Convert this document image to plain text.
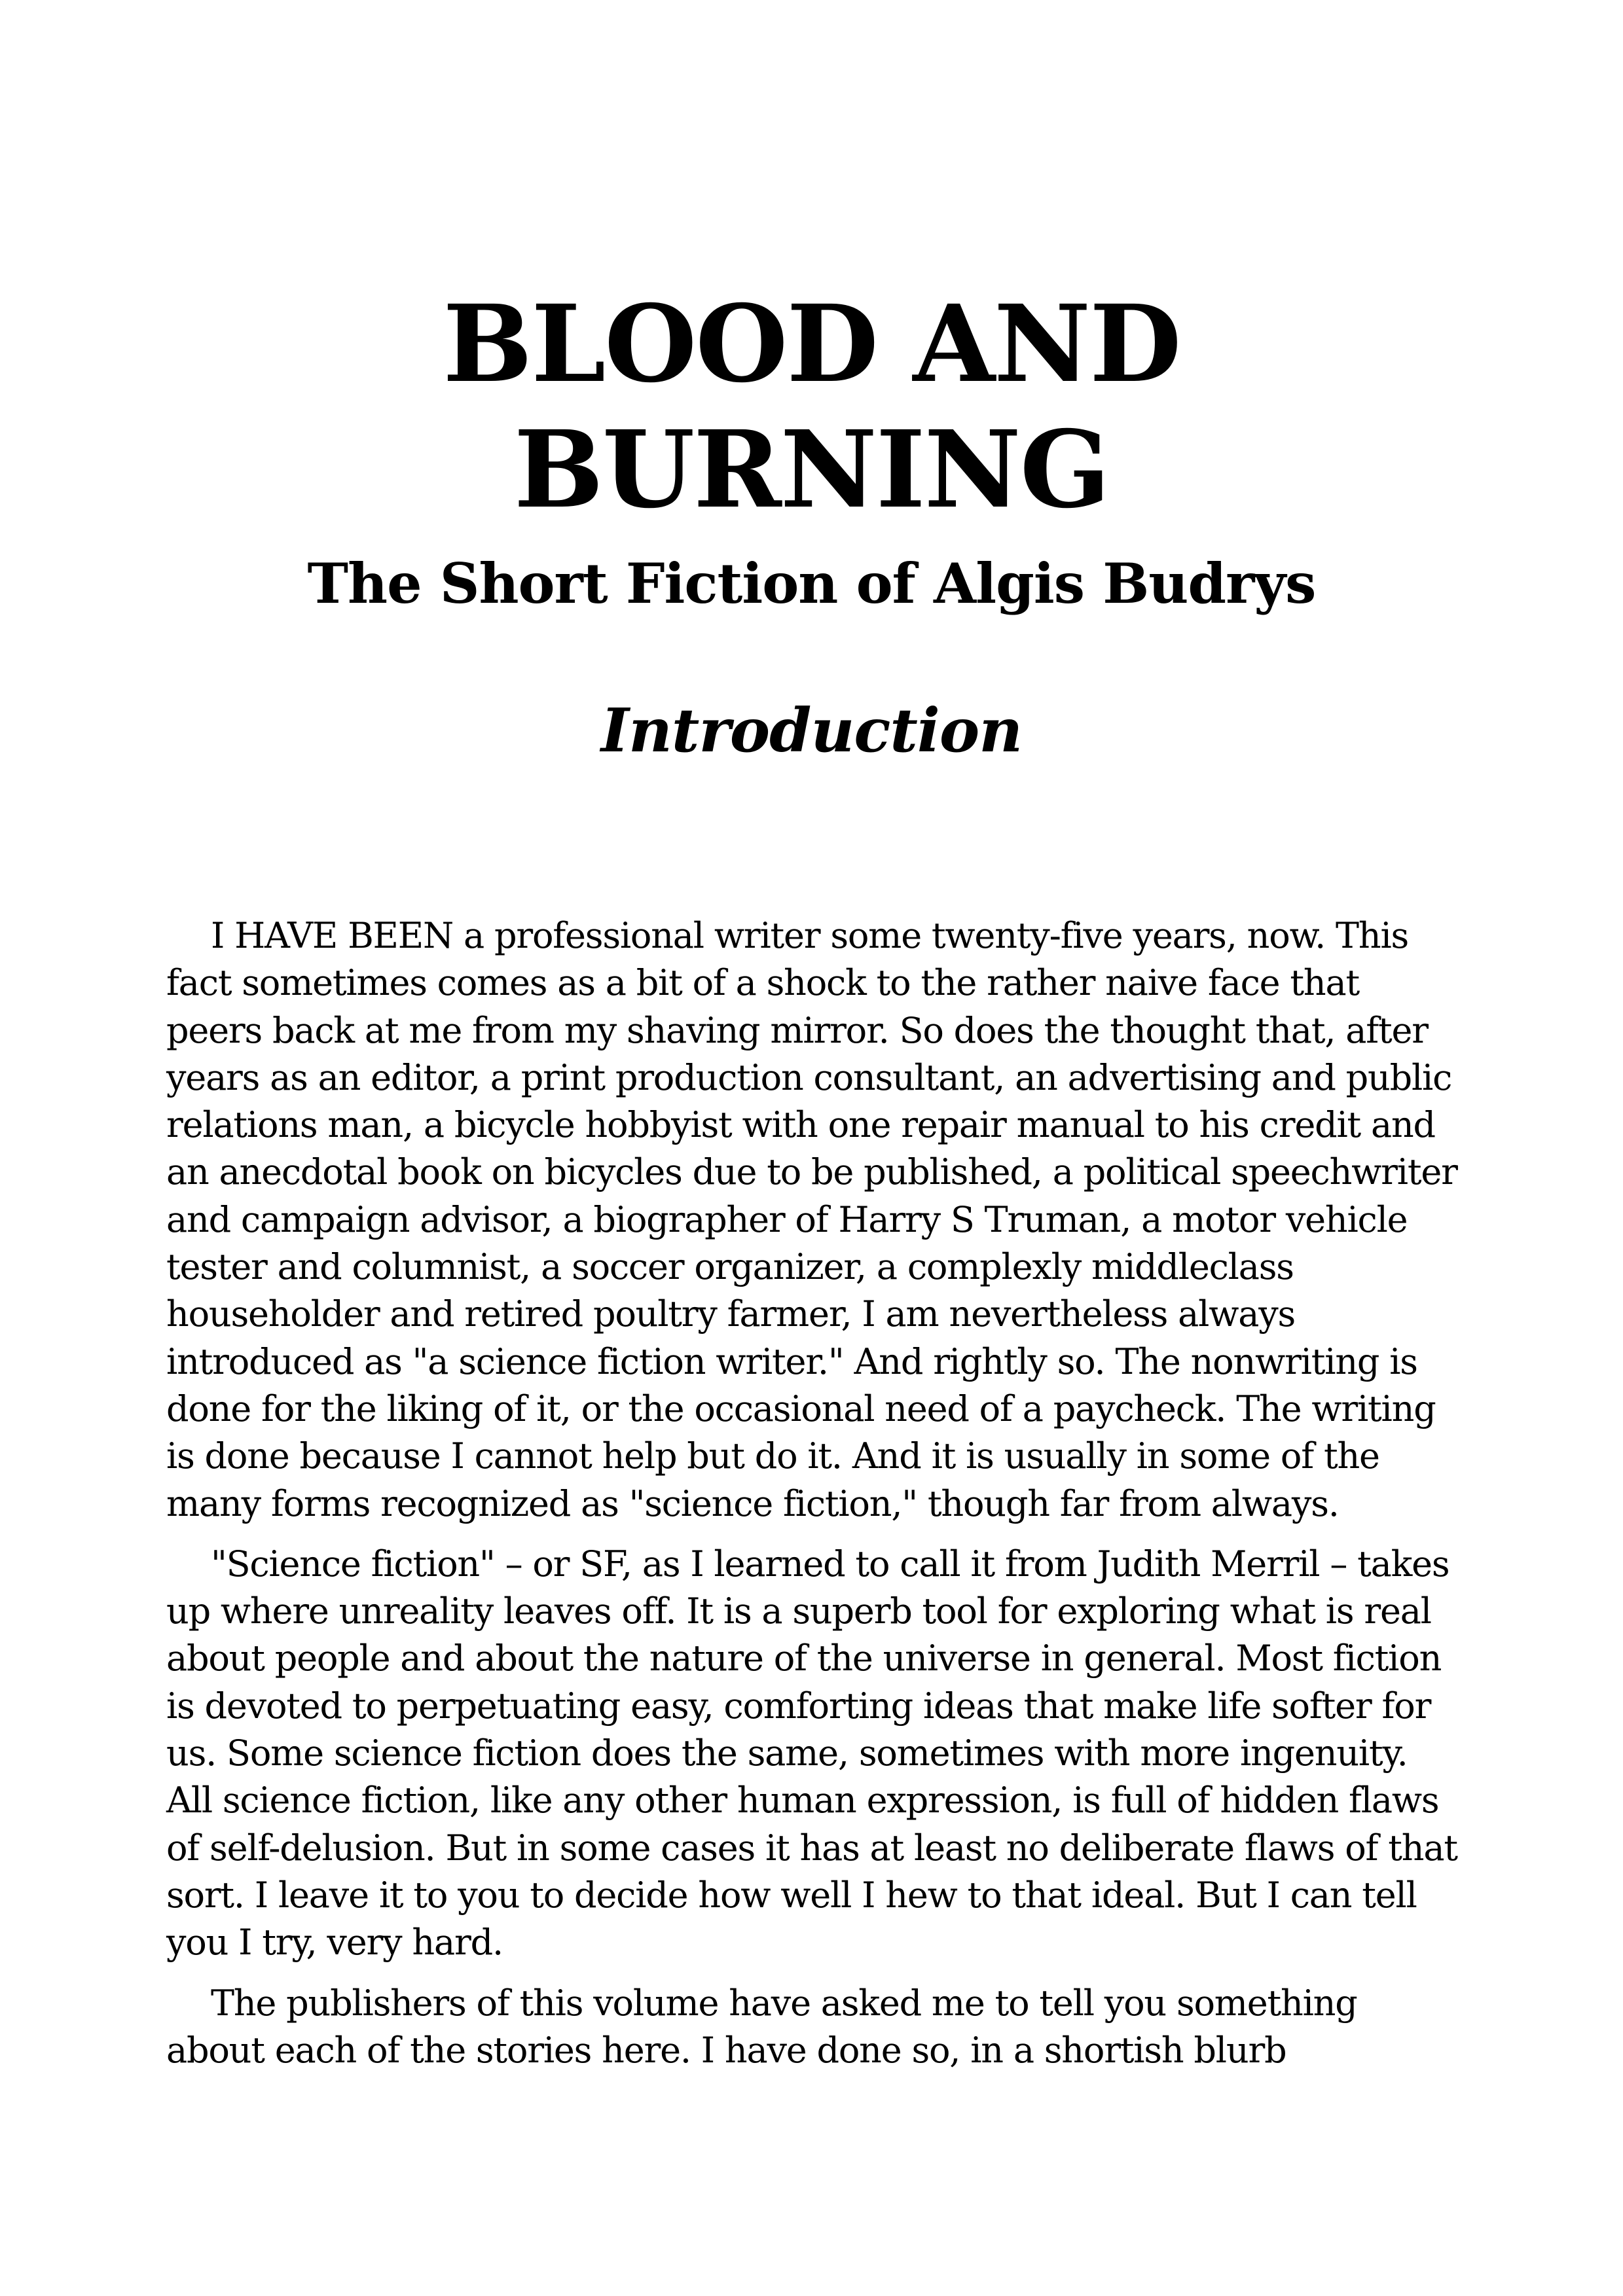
BLOOD AND
BURNING
The Short Fiction of Algis Budrys
Introduction

I HAVE BEEN a professional writer some twenty-five years, now. This fact sometimes comes as a bit of a shock to the rather naive face that peers back at me from my shaving mirror. So does the thought that, after years as an editor, a print production consultant, an advertising and public relations man, a bicycle hobbyist with one repair manual to his credit and an anecdotal book on bicycles due to be published, a political speechwriter and campaign advisor, a biographer of Harry S Truman, a motor vehicle tester and columnist, a soccer organizer, a complexly middleclass householder and retired poultry farmer, I am nevertheless always introduced as "a science fiction writer." And rightly so. The nonwriting is done for the liking of it, or the occasional need of a paycheck. The writing is done because I cannot help but do it. And it is usually in some of the many forms recognized as "science fiction," though far from always.

"Science fiction" – or SF, as I learned to call it from Judith Merril – takes up where unreality leaves off. It is a superb tool for exploring what is real about people and about the nature of the universe in general. Most fiction is devoted to perpetuating easy, comforting ideas that make life softer for us. Some science fiction does the same, sometimes with more ingenuity. All science fiction, like any other human expression, is full of hidden flaws of self-delusion. But in some cases it has at least no deliberate flaws of that sort. I leave it to you to decide how well I hew to that ideal. But I can tell you I try, very hard.

The publishers of this volume have asked me to tell you something about each of the stories here. I have done so, in a shortish blurb
